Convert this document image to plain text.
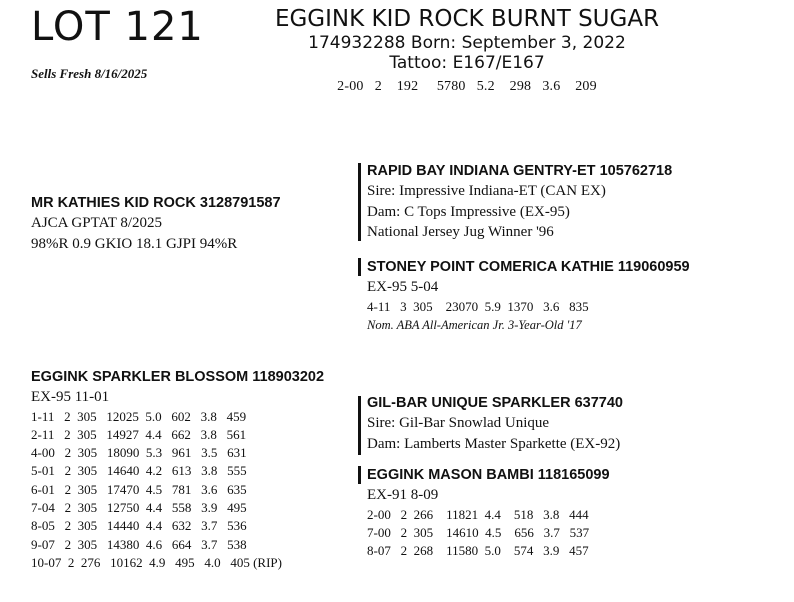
LOT 121
Sells Fresh 8/16/2025
EGGINK KID ROCK BURNT SUGAR
174932288 Born: September 3, 2022
Tattoo: E167/E167
2-00   2    192     5780   5.2    298   3.6    209
MR KATHIES KID ROCK 3128791587
AJCA GPTAT 8/2025
98%R 0.9 GKIO 18.1 GJPI 94%R
RAPID BAY INDIANA GENTRY-ET 105762718
Sire: Impressive Indiana-ET (CAN EX)
Dam: C Tops Impressive (EX-95)
National Jersey Jug Winner '96
STONEY POINT COMERICA KATHIE 119060959
EX-95 5-04
4-11   3  305    23070  5.9  1370   3.6   835
Nom. ABA All-American Jr. 3-Year-Old '17
EGGINK SPARKLER BLOSSOM 118903202
EX-95 11-01
1-11   2  305   12025  5.0   602   3.8   459
2-11   2  305   14927  4.4   662   3.8   561
4-00   2  305   18090  5.3   961   3.5   631
5-01   2  305   14640  4.2   613   3.8   555
6-01   2  305   17470  4.5   781   3.6   635
7-04   2  305   12750  4.4   558   3.9   495
8-05   2  305   14440  4.4   632   3.7   536
9-07   2  305   14380  4.6   664   3.7   538
10-07  2  276   10162  4.9   495   4.0   405 (RIP)
GIL-BAR UNIQUE SPARKLER 637740
Sire: Gil-Bar Snowlad Unique
Dam: Lamberts Master Sparkette (EX-92)
EGGINK MASON BAMBI 118165099
EX-91 8-09
2-00   2  266    11821  4.4    518   3.8   444
7-00   2  305    14610  4.5    656   3.7   537
8-07   2  268    11580  5.0    574   3.9   457
